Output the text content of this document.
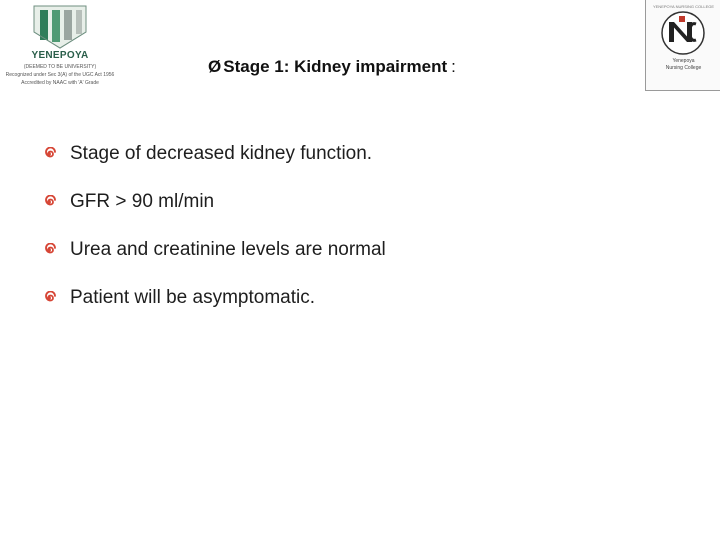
YENEPOYA
(DEEMED TO BE UNIVERSITY)
Recognized under Sec 3(A) of the UGC Act 1956
Accredited by NAAC with 'A' Grade
YENEPOYA NURSING COLLEGE
Yenepoya
Nursing College
Ø Stage 1: Kidney impairment :
Stage of decreased kidney function.
GFR > 90 ml/min
Urea and creatinine levels are normal
Patient will be asymptomatic.
